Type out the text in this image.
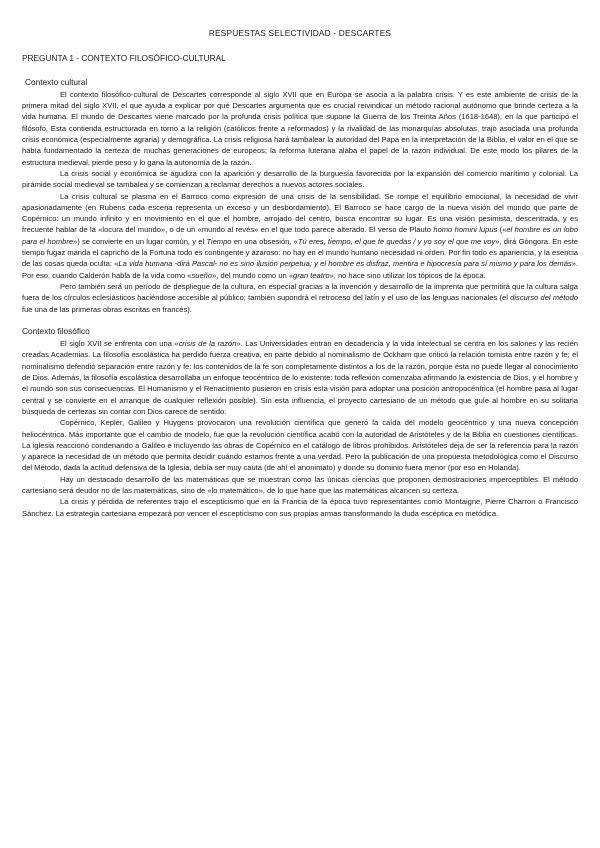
RESPUESTAS SELECTIVIDAD - DESCARTES
PREGUNTA 1 - CONTEXTO FILOSÓFICO-CULTURAL
Contexto cultural

El contexto filosófico-cultural de Descartes corresponde al siglo XVII que en Europa se asocia a la palabra crisis. Y es este ambiente de crisis de la primera mitad del siglo XVII, el que ayuda a explicar por qué Descartes argumenta que es crucial reivindicar un método racional autónomo que brinde certeza a la vida humana. El mundo de Descartes viene marcado por la profunda crisis política que supone la Guerra de los Treinta Años (1618-1648), en la que participó el filósofo. Esta contienda estructurada en torno a la religión (católicos frente a reformados) y la rivalidad de las monarquías absolutas, trajo asociada una profunda crisis económica (especialmente agraria) y demográfica. La crisis religiosa hará tambalear la autoridad del Papa en la interpretación de la Biblia, el valor en el que se había fundamentado la certeza de muchas generaciones de europeos; la reforma luterana alaba el papel de la razón individual. De este modo los pilares de la estructura medieval, pierde peso y lo gana la autonomía de la razón.

La crisis social y económica se agudiza con la aparición y desarrollo de la burguesía favorecida por la expansión del comercio marítimo y colonial. La pirámide social medieval se tambalea y se comienzan a reclamar derechos a nuevos actores sociales.

La crisis cultural se plasma en el Barroco como expresión de una crisis de la sensibilidad. Se rompe el equilibrio emocional, la necesidad de vivir apasionadamente (en Rubens cada escena representa un exceso y un desbordamiento). El Barroco se hace cargo de la nueva visión del mundo que parte de Copérnico: un mundo infinito y en movimiento en el que el hombre, arrojado del centro, busca encontrar su lugar. Es una visión pesimista, descentrada, y es frecuente hablar de la «locura del mundo», o de un «mundo al revés» en el que todo parece alterado. El verso de Plauto homo homini lupus («el hombre es un lobo para el hombre») se convierte en un lugar común, y el Tiempo en una obsesión, «Tú eres, tiempo, el que te quedas / y yo soy el que me voy», dirá Góngora. En este tiempo fugaz manda el capricho de la Fortuna todo es contingente y azaroso: no hay en el mundo humano necesidad ni orden. Por fin todo es apariencia, y la esencia de las cosas queda oculta: «La vida humana -dirá Pascal- no es sino ilusión perpetua; y el hombre es disfraz, mentira e hipocresía para sí mismo y para los demás». Por eso, cuando Calderón habla de la vida como «sueño», del mundo como un «gran teatro», no hace sino utilizar los tópicos de la época.

Pero también será un período de despliegue de la cultura, en especial gracias a la invención y desarrollo de la imprenta que permitirá que la cultura salga fuera de los círculos eclesiásticos haciéndose accesible al público; también supondrá el retroceso del latín y el uso de las lenguas nacionales (el discurso del método fue una de las primeras obras escritas en francés).

Contexto filosófico

El siglo XVII se enfrenta con una «crisis de la razón». Las Universidades entran en decadencia y la vida intelectual se centra en los salones y las recién creadas Academias. La filosofía escolástica ha perdido fuerza creativa, en parte debido al nominalismo de Ockham que criticó la relación tomista entre razón y fe; el nominalismo defendió separación entre razón y fe: los contenidos de la fe son completamente distintos a los de la razón, porque ésta no puede llegar al conocimiento de Dios. Además, la filosofía escolástica desarrollaba un enfoque teocéntrico de lo existente: toda reflexión comenzaba afirmando la existencia de Dios, y el hombre y el mundo son sus consecuencias. El Humanismo y el Renacimiento pusieron en crisis esta visión para adoptar una posición antropocéntrica (el hombre pasa al lugar central y se convierte en el arranque de cualquier reflexión posible). Sin esta influencia, el proyecto cartesiano de un método que guíe al hombre en su solitaria búsqueda de certezas sin contar con Dios carece de sentido.

Copérnico, Kepler, Galileo y Huygens provocaron una revolución científica que generó la caída del modelo geocéntrico y una nueva concepción heliocéntrica. Más importante que el cambio de modelo, fue que la revolución científica acabó con la autoridad de Aristóteles y de la Biblia en cuestiones científicas. La iglesia reaccionó condenando a Galileo e incluyendo las obras de Copérnico en el catálogo de libros prohibidos. Aristóteles deja de ser la referencia para la razón y aparece la necesidad de un método que permita decidir cuándo estamos frente a una verdad. Pero la publicación de una propuesta metodológica como el Discurso del Método, dada la actitud defensiva de la Iglesia, debía ser muy cauta (de ahí el anonimato) y donde su dominio fuera menor (por eso en Holanda).

Hay un destacado desarrollo de las matemáticas que se muestran como las únicas ciencias que proponen demostraciones imperceptibles. El método cartesiano será deudor no de las matemáticas, sino de «lo matemático», de lo que hace que las matemáticas alcancen su certeza.

La crisis y pérdida de referentes trajo el escepticismo que en la Francia de la época tuvo representantes como Montaigne, Pierre Charron o Francisco Sánchez. La estrategia cartesiana empezará por vencer el escepticismo con sus propias armas transformando la duda escéptica en metódica.
